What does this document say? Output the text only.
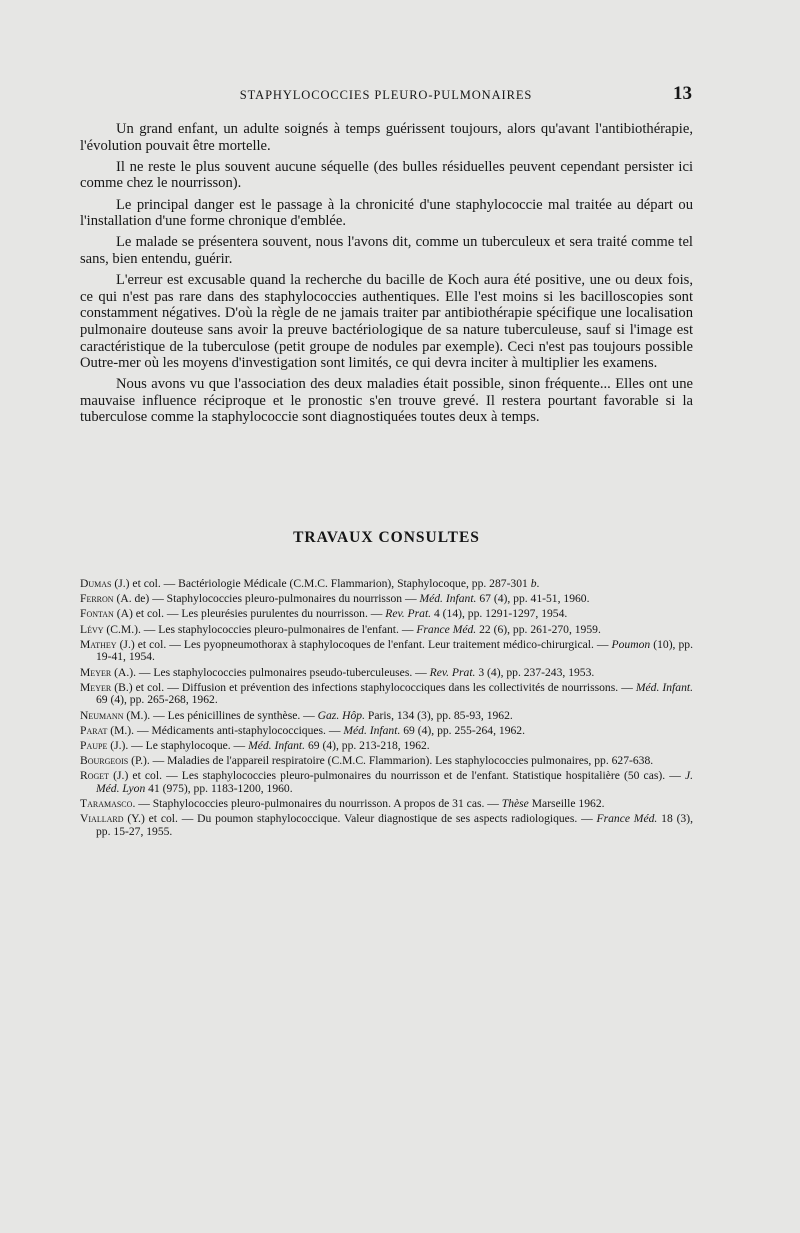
STAPHYLOCOCCIES PLEURO-PULMONAIRES	13

Un grand enfant, un adulte soignés à temps guérissent toujours, alors qu'avant l'antibiothérapie, l'évolution pouvait être mortelle.

Il ne reste le plus souvent aucune séquelle (des bulles résiduelles peuvent cependant persister ici comme chez le nourrisson).

Le principal danger est le passage à la chronicité d'une staphylococcie mal traitée au départ ou l'installation d'une forme chronique d'emblée.

Le malade se présentera souvent, nous l'avons dit, comme un tuberculeux et sera traité comme tel sans, bien entendu, guérir.

L'erreur est excusable quand la recherche du bacille de Koch aura été positive, une ou deux fois, ce qui n'est pas rare dans des staphylococcies authentiques. Elle l'est moins si les bacilloscopies sont constamment négatives. D'où la règle de ne jamais traiter par antibiothérapie spécifique une localisation pulmonaire douteuse sans avoir la preuve bactériologique de sa nature tuberculeuse, sauf si l'image est caractéristique de la tuberculose (petit groupe de nodules par exemple). Ceci n'est pas toujours possible Outre-mer où les moyens d'investigation sont limités, ce qui devra inciter à multiplier les examens.

Nous avons vu que l'association des deux maladies était possible, sinon fréquente... Elles ont une mauvaise influence réciproque et le pronostic s'en trouve grevé. Il restera pourtant favorable si la tuberculose comme la staphylococcie sont diagnostiquées toutes deux à temps.

TRAVAUX CONSULTES
Dumas (J.) et col. — Bactériologie Médicale (C.M.C. Flammarion), Staphylocoque, pp. 287-301 b.
Ferron (A. de) — Staphylococcies pleuro-pulmonaires du nourrisson — Méd. Infant. 67 (4), pp. 41-51, 1960.
Fontan (A) et col. — Les pleurésies purulentes du nourrisson. — Rev. Prat. 4 (14), pp. 1291-1297, 1954.
Lévy (C.M.). — Les staphylococcies pleuro-pulmonaires de l'enfant. — France Méd. 22 (6), pp. 261-270, 1959.
Mathey (J.) et col. — Les pyopneumothorax à staphylocoques de l'enfant. Leur traitement médico-chirurgical. — Poumon (10), pp. 19-41, 1954.
Meyer (A.). — Les staphylococcies pulmonaires pseudo-tuberculeuses. — Rev. Prat. 3 (4), pp. 237-243, 1953.
Meyer (B.) et col. — Diffusion et prévention des infections staphylococciques dans les collectivités de nourrissons. — Méd. Infant. 69 (4), pp. 265-268, 1962.
Neumann (M.). — Les pénicillines de synthèse. — Gaz. Hôp. Paris, 134 (3), pp. 85-93, 1962.
Parat (M.). — Médicaments anti-staphylococciques. — Méd. Infant. 69 (4), pp. 255-264, 1962.
Paupe (J.). — Le staphylocoque. — Méd. Infant. 69 (4), pp. 213-218, 1962.
Bourgeois (P.). — Maladies de l'appareil respiratoire (C.M.C. Flammarion). Les staphylococcies pulmonaires, pp. 627-638.
Roget (J.) et col. — Les staphylococcies pleuro-pulmonaires du nourrisson et de l'enfant. Statistique hospitalière (50 cas). — J. Méd. Lyon 41 (975), pp. 1183-1200, 1960.
Taramasco. — Staphylococcies pleuro-pulmonaires du nourrisson. A propos de 31 cas. — Thèse Marseille 1962.
Viallard (Y.) et col. — Du poumon staphylococcique. Valeur diagnostique de ses aspects radiologiques. — France Méd. 18 (3), pp. 15-27, 1955.
